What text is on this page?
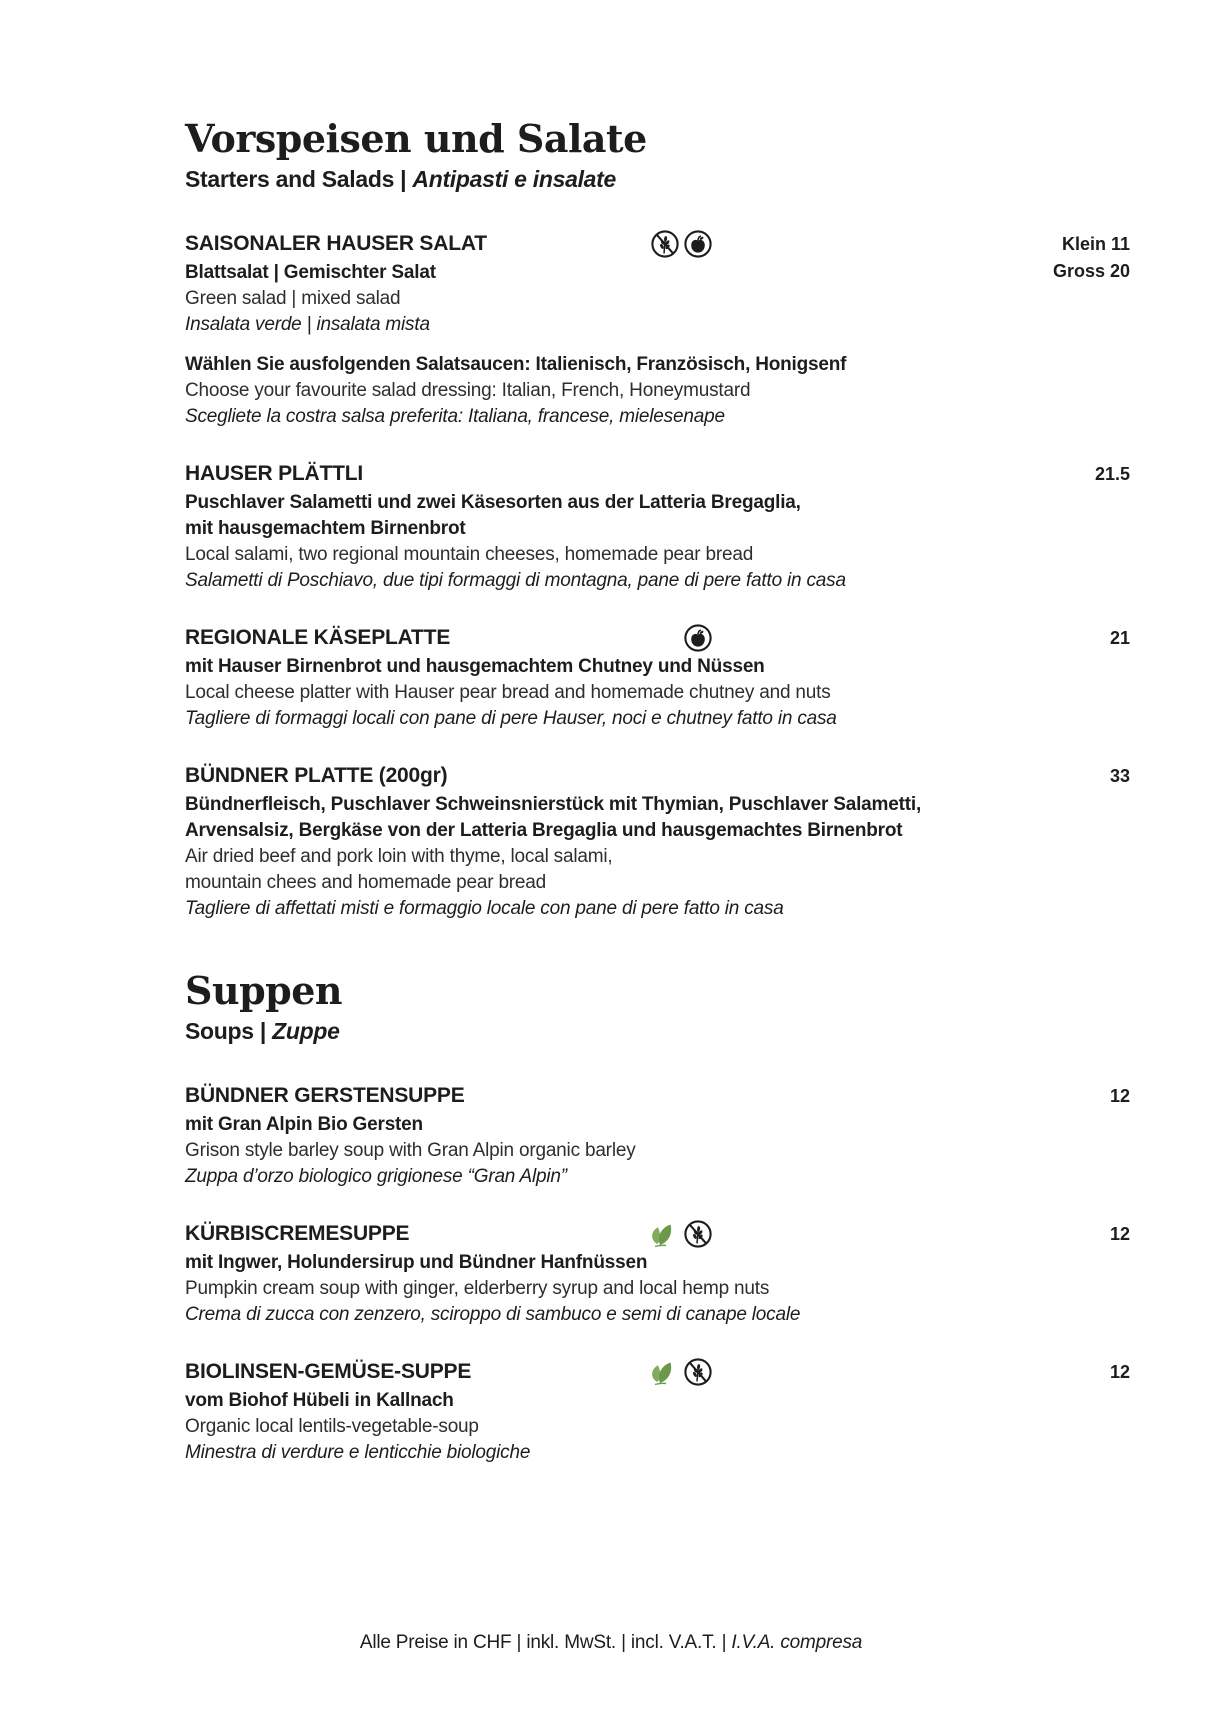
Vorspeisen und Salate
Starters and Salads | Antipasti e insalate
SAISONALER HAUSER SALAT	Klein 11
Gross 20
Blattsalat | Gemischter Salat
Green salad | mixed salad
Insalata verde | insalata mista
Wählen Sie ausfolgenden Salatsaucen: Italienisch, Französisch, Honigsenf
Choose your favourite salad dressing: Italian, French, Honeymustard
Scegliete la costra salsa preferita: Italiana, francese, mielesenape
HAUSER PLÄTTLI	21.5
Puschlaver Salametti und zwei Käsesorten aus der Latteria Bregaglia,
mit hausgemachtem Birnenbrot
Local salami, two regional mountain cheeses, homemade pear bread
Salametti di Poschiavo, due tipi formaggi di montagna, pane di pere fatto in casa
REGIONALE KÄSEPLATTE	21
mit Hauser Birnenbrot und hausgemachtem Chutney und Nüssen
Local cheese platter with Hauser pear bread and homemade chutney and nuts
Tagliere di formaggi locali con pane di pere Hauser, noci e chutney fatto in casa
BÜNDNER PLATTE (200gr)	33
Bündnerfleisch, Puschlaver Schweinsnierstück mit Thymian, Puschlaver Salametti,
Arvensalsiz, Bergkäse von der Latteria Bregaglia und hausgemachtes Birnenbrot
Air dried beef and pork loin with thyme, local salami,
mountain chees and homemade pear bread
Tagliere di affettati misti e formaggio locale con pane di pere fatto in casa
Suppen
Soups | Zuppe
BÜNDNER GERSTENSUPPE	12
mit Gran Alpin Bio Gersten
Grison style barley soup with Gran Alpin organic barley
Zuppa d’orzo biologico grigionese “Gran Alpin”
KÜRBISCREMESUPPE	12
mit Ingwer, Holundersirup und Bündner Hanfnüssen
Pumpkin cream soup with ginger, elderberry syrup and local hemp nuts
Crema di zucca con zenzero, sciroppo di sambuco e semi di canape locale
BIOLINSEN-GEMÜSE-SUPPE	12
vom Biohof Hübeli in Kallnach
Organic local lentils-vegetable-soup
Minestra di verdure e lenticchie biologiche
Alle Preise in CHF | inkl. MwSt. | incl. V.A.T. | I.V.A. compresa
